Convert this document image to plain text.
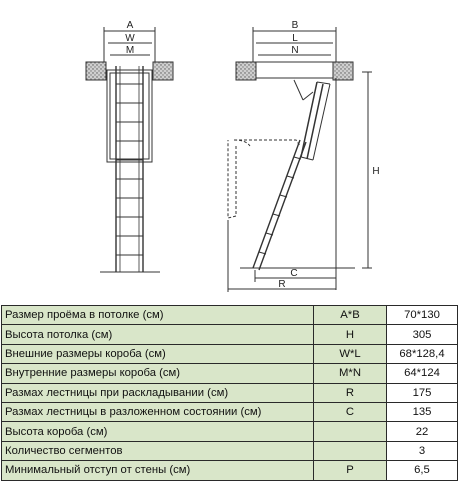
A
W
M
B
L
N
H
C
R
Размер проёма в потолке (см)	A*B	70*130
Высота потолка (см)	H	305
Внешние размеры короба (см)	W*L	68*128,4
Внутренние размеры короба (см)	M*N	64*124
Размах лестницы при раскладывании (см)	R	175
Размах лестницы в разложенном состоянии (см)	C	135
Высота короба (см)		22
Количество сегментов		3
Минимальный отступ от стены (см)	P	6,5
